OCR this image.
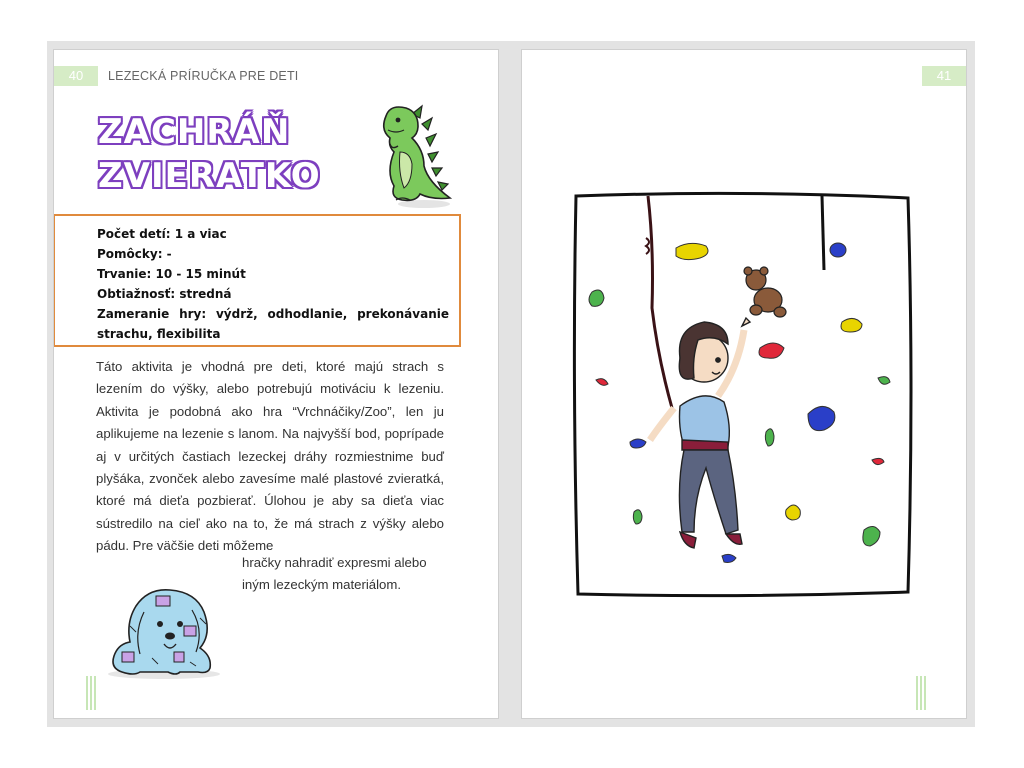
40	LEZECKÁ PRÍRUČKA PRE DETI
ZACHRÁŇ
ZVIERATKO
Počet detí: 1 a viac
Pomôcky: -
Trvanie: 10 - 15 minút
Obtiažnosť: stredná
Zameranie hry: výdrž, odhodlanie, prekonávanie strachu, flexibilita
Táto aktivita je vhodná pre deti, ktoré majú strach s lezením do výšky, alebo potrebujú motiváciu k lezeniu. Aktivita je podobná ako hra “Vrchnáčiky/Zoo”, len ju aplikujeme na lezenie s lanom. Na najvyšší bod, poprípade aj v určitých častiach lezeckej dráhy rozmiestnime buď plyšáka, zvonček alebo zavesíme malé plastové zvieratká, ktoré má dieťa pozbierať. Úlohou je aby sa dieťa viac sústredilo na cieľ ako na to, že má strach z výšky alebo pádu. Pre väčšie deti môžeme
hračky nahradiť expresmi alebo iným lezeckým materiálom.
41
